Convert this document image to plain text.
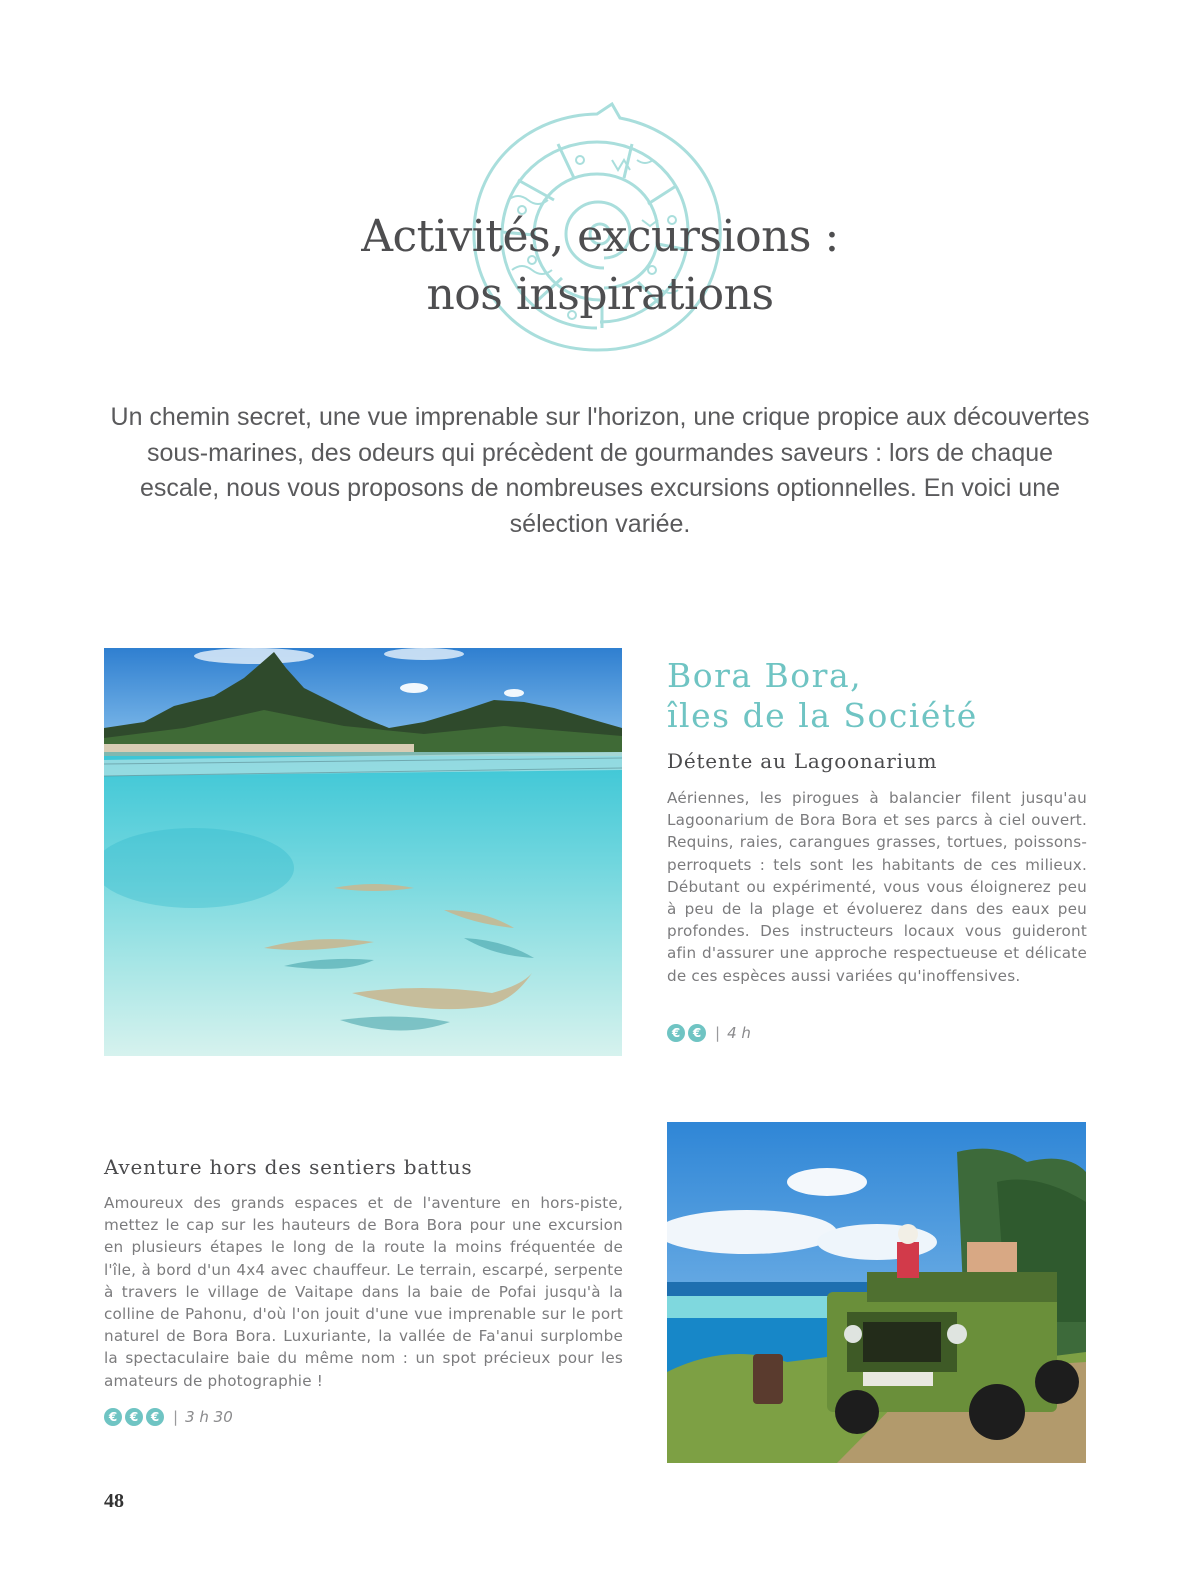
Activités, excursions :
nos inspirations

Un chemin secret, une vue imprenable sur l'horizon, une crique propice aux découvertes sous-marines, des odeurs qui précèdent de gourmandes saveurs : lors de chaque escale, nous vous proposons de nombreuses excursions optionnelles. En voici une sélection variée.

Bora Bora,
îles de la Société
Détente au Lagoonarium

Aériennes, les pirogues à balancier filent jusqu'au Lagoonarium de Bora Bora et ses parcs à ciel ouvert. Requins, raies, carangues grasses, tortues, poissons-perroquets : tels sont les habitants de ces milieux. Débutant ou expérimenté, vous vous éloignerez peu à peu de la plage et évoluerez dans des eaux peu profondes. Des instructeurs locaux vous guideront afin d'assurer une approche respectueuse et délicate de ces espèces aussi variées qu'inoffensives.

€	€ | 4 h
Aventure hors des sentiers battus

Amoureux des grands espaces et de l'aventure en hors-piste, mettez le cap sur les hauteurs de Bora Bora pour une excursion en plusieurs étapes le long de la route la moins fréquentée de l'île, à bord d'un 4x4 avec chauffeur. Le terrain, escarpé, serpente à travers le village de Vaitape dans la baie de Pofai jusqu'à la colline de Pahonu, d'où l'on jouit d'une vue imprenable sur le port naturel de Bora Bora. Luxuriante, la vallée de Fa'anui surplombe la spectaculaire baie du même nom : un spot précieux pour les amateurs de photographie !

€	€	€ | 3 h 30

48
